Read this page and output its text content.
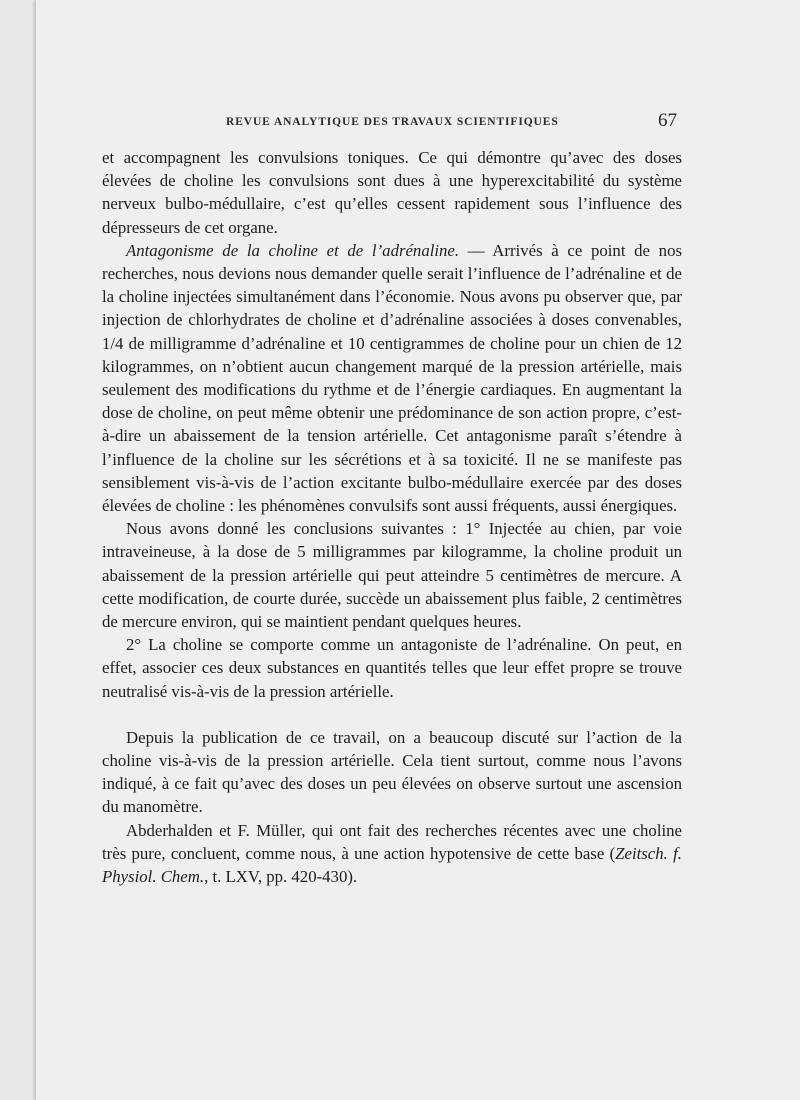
REVUE ANALYTIQUE DES TRAVAUX SCIENTIFIQUES	67

et accompagnent les convulsions toniques. Ce qui démontre qu’avec des doses élevées de choline les convulsions sont dues à une hyperexcitabilité du système nerveux bulbo-médullaire, c’est qu’elles cessent rapidement sous l’influence des dépresseurs de cet organe.

Antagonisme de la choline et de l’adrénaline. — Arrivés à ce point de nos recherches, nous devions nous demander quelle serait l’influence de l’adrénaline et de la choline injectées simultanément dans l’économie. Nous avons pu observer que, par injection de chlorhydrates de choline et d’adrénaline associées à doses convenables, 1/4 de milligramme d’adrénaline et 10 centigrammes de choline pour un chien de 12 kilogrammes, on n’obtient aucun changement marqué de la pression artérielle, mais seulement des modifications du rythme et de l’énergie cardiaques. En augmentant la dose de choline, on peut même obtenir une prédominance de son action propre, c’est-à-dire un abaissement de la tension artérielle. Cet antagonisme paraît s’étendre à l’influence de la choline sur les sécrétions et à sa toxicité. Il ne se manifeste pas sensiblement vis-à-vis de l’action excitante bulbo-médullaire exercée par des doses élevées de choline : les phénomènes convulsifs sont aussi fréquents, aussi énergiques.

Nous avons donné les conclusions suivantes : 1° Injectée au chien, par voie intraveineuse, à la dose de 5 milligrammes par kilogramme, la choline produit un abaissement de la pression artérielle qui peut atteindre 5 centimètres de mercure. A cette modification, de courte durée, succède un abaissement plus faible, 2 centimètres de mercure environ, qui se maintient pendant quelques heures.

2° La choline se comporte comme un antagoniste de l’adrénaline. On peut, en effet, associer ces deux substances en quantités telles que leur effet propre se trouve neutralisé vis-à-vis de la pression artérielle.

Depuis la publication de ce travail, on a beaucoup discuté sur l’action de la choline vis-à-vis de la pression artérielle. Cela tient surtout, comme nous l’avons indiqué, à ce fait qu’avec des doses un peu élevées on observe surtout une ascension du manomètre.

Abderhalden et F. Müller, qui ont fait des recherches récentes avec une choline très pure, concluent, comme nous, à une action hypotensive de cette base (Zeitsch. f. Physiol. Chem., t. LXV, pp. 420-430).
